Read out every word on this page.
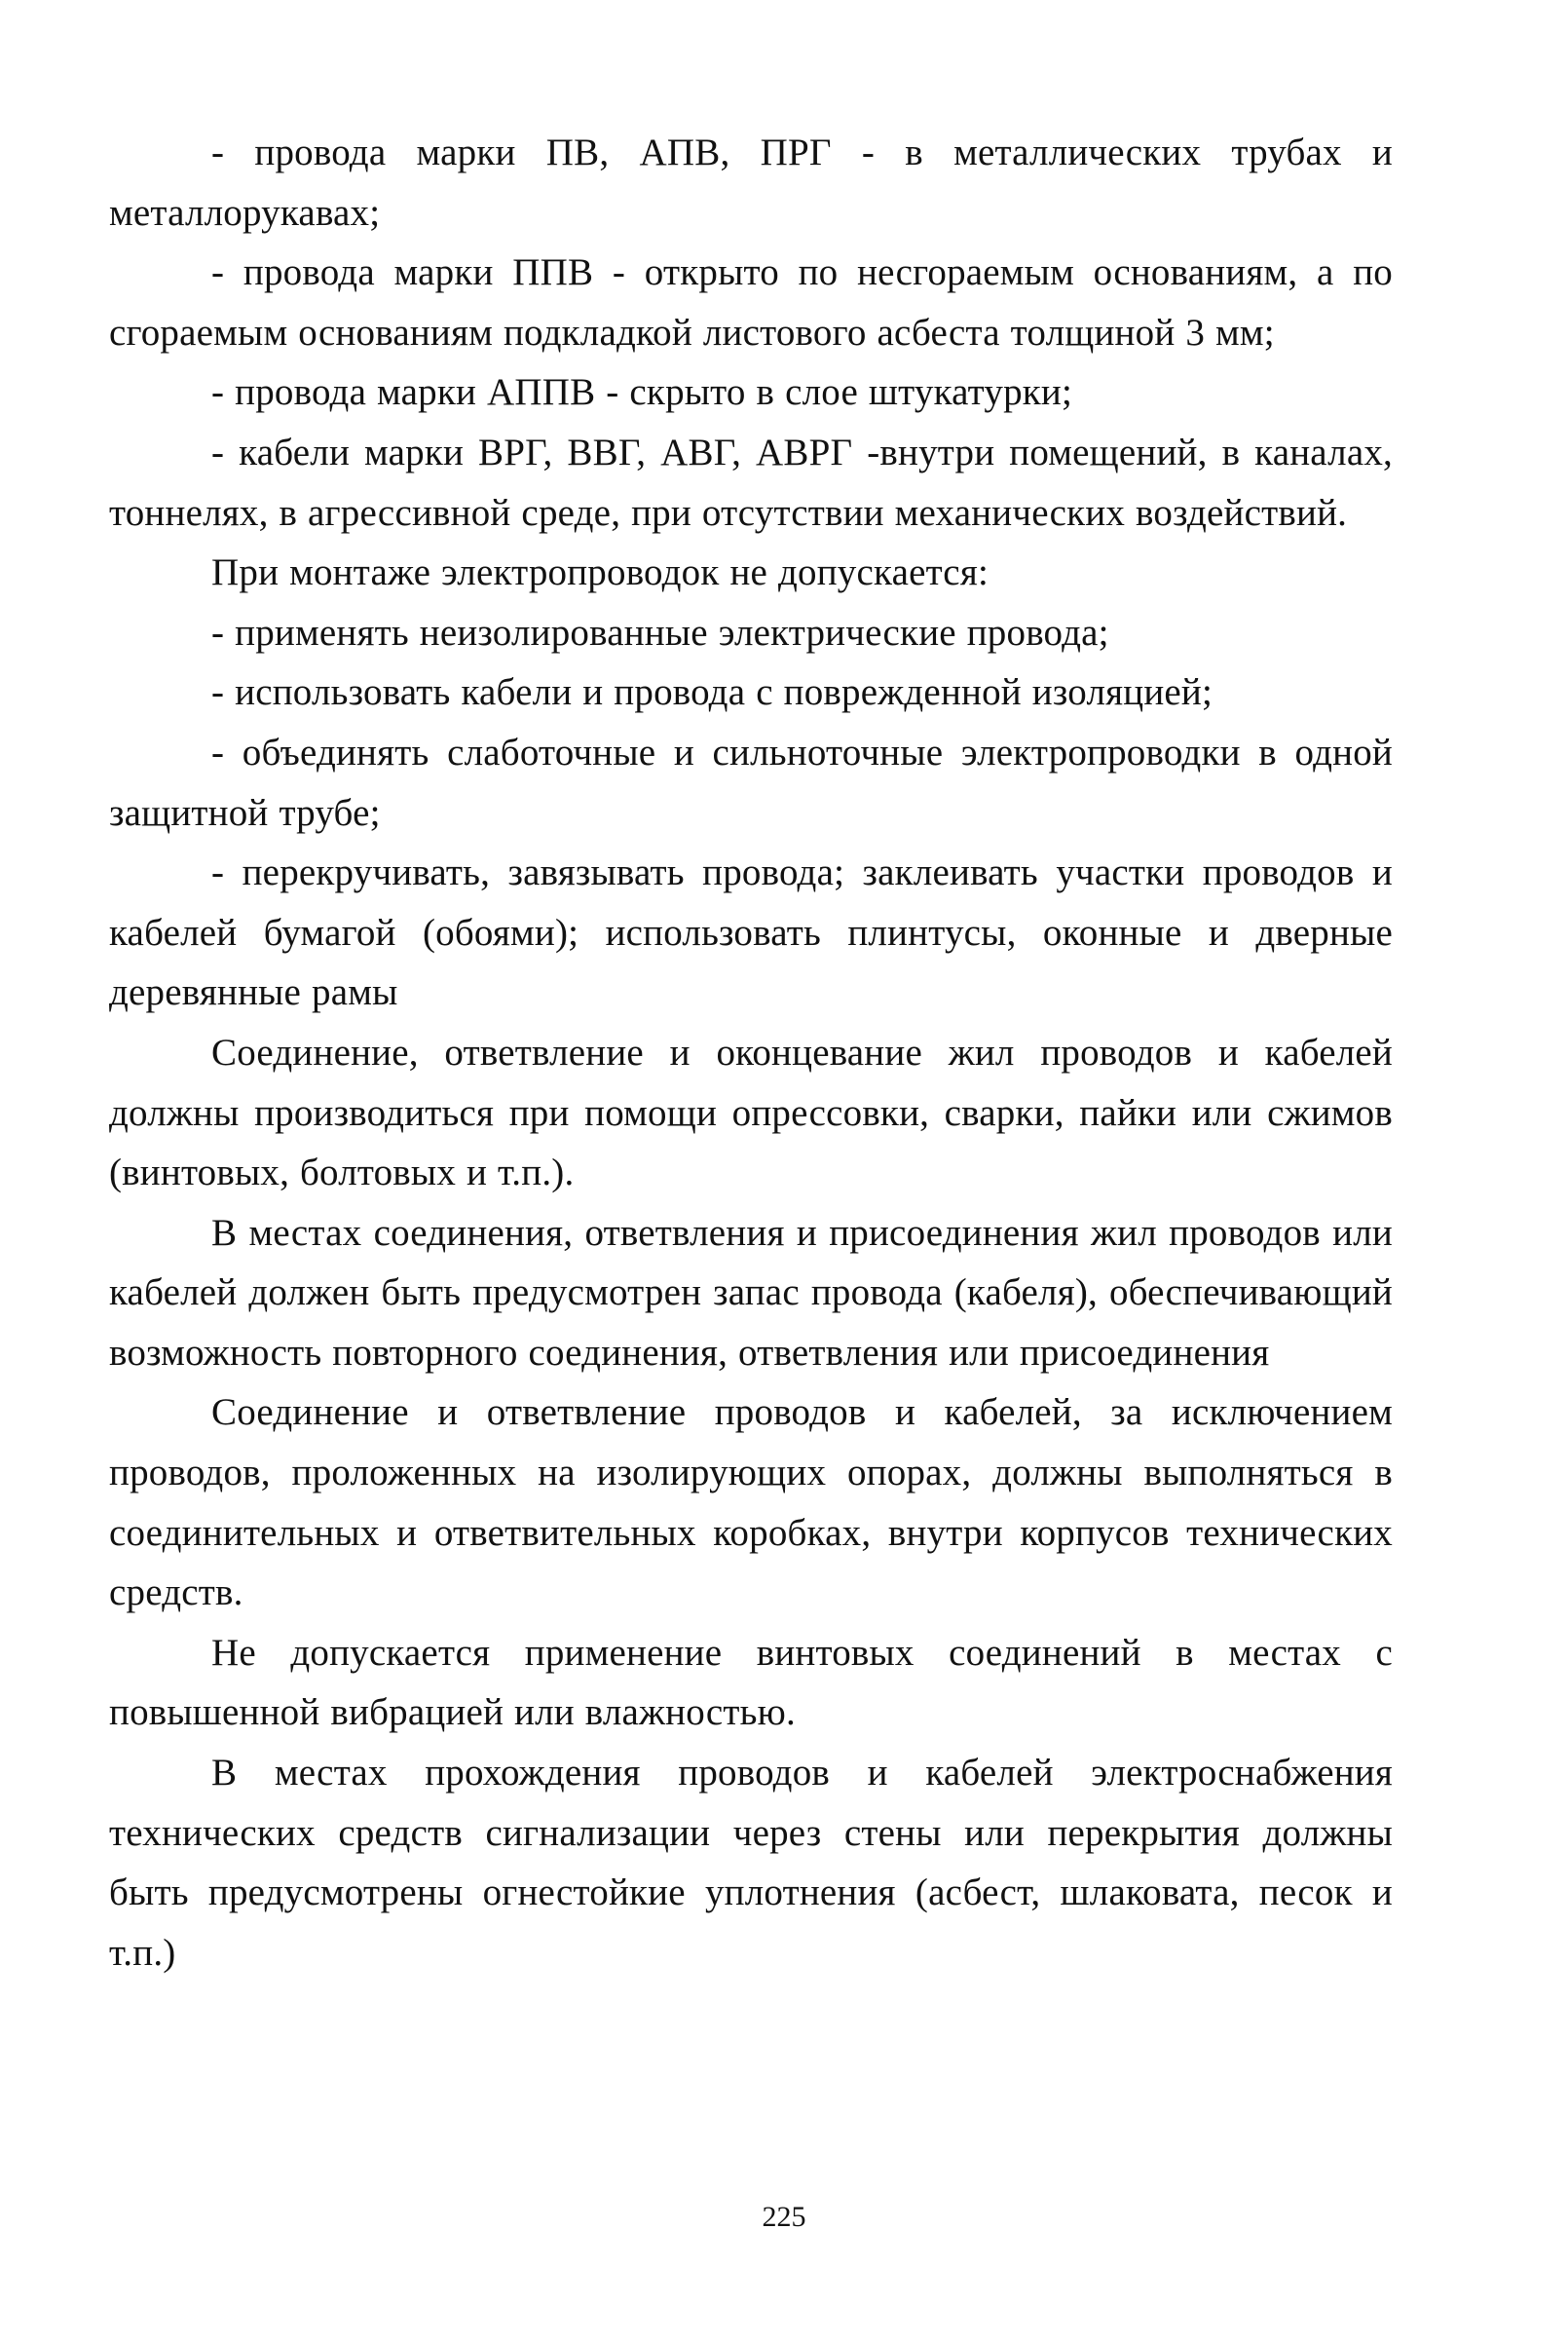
- провода марки ПВ, АПВ, ПРГ - в металлических трубах и металлорукавах;

- провода марки ППВ - открыто по несгораемым основаниям, а по сгораемым основаниям подкладкой листового асбеста толщиной 3 мм;

- провода марки АППВ - скрыто в слое штукатурки;

- кабели марки ВРГ, ВВГ, АВГ, АВРГ -внутри помещений, в каналах, тоннелях, в агрессивной среде, при отсутствии механических воздействий.

При монтаже электропроводок не допускается:

- применять неизолированные электрические провода;

- использовать кабели и провода с поврежденной изоляцией;

- объединять слаботочные и сильноточные электропроводки в одной защитной трубе;

- перекручивать, завязывать провода; заклеивать участки проводов и кабелей бумагой (обоями); использовать плинтусы, оконные и дверные деревянные рамы

Соединение, ответвление и оконцевание жил проводов и кабелей должны производиться при помощи опрессовки, сварки, пайки или сжимов (винтовых, болтовых и т.п.).

В местах соединения, ответвления и присоединения жил проводов или кабелей должен быть предусмотрен запас провода (кабеля), обеспечивающий возможность повторного соединения, ответвления или присоединения

Соединение и ответвление проводов и кабелей, за исключением проводов, проложенных на изолирующих опорах, должны выполняться в соединительных и ответвительных коробках, внутри корпусов технических средств.

Не допускается применение винтовых соединений в местах с повышенной вибрацией или влажностью.

В местах прохождения проводов и кабелей электроснабжения технических средств сигнализации через стены или перекрытия должны быть предусмотрены огнестойкие уплотнения (асбест, шлаковата, песок и т.п.)

225
